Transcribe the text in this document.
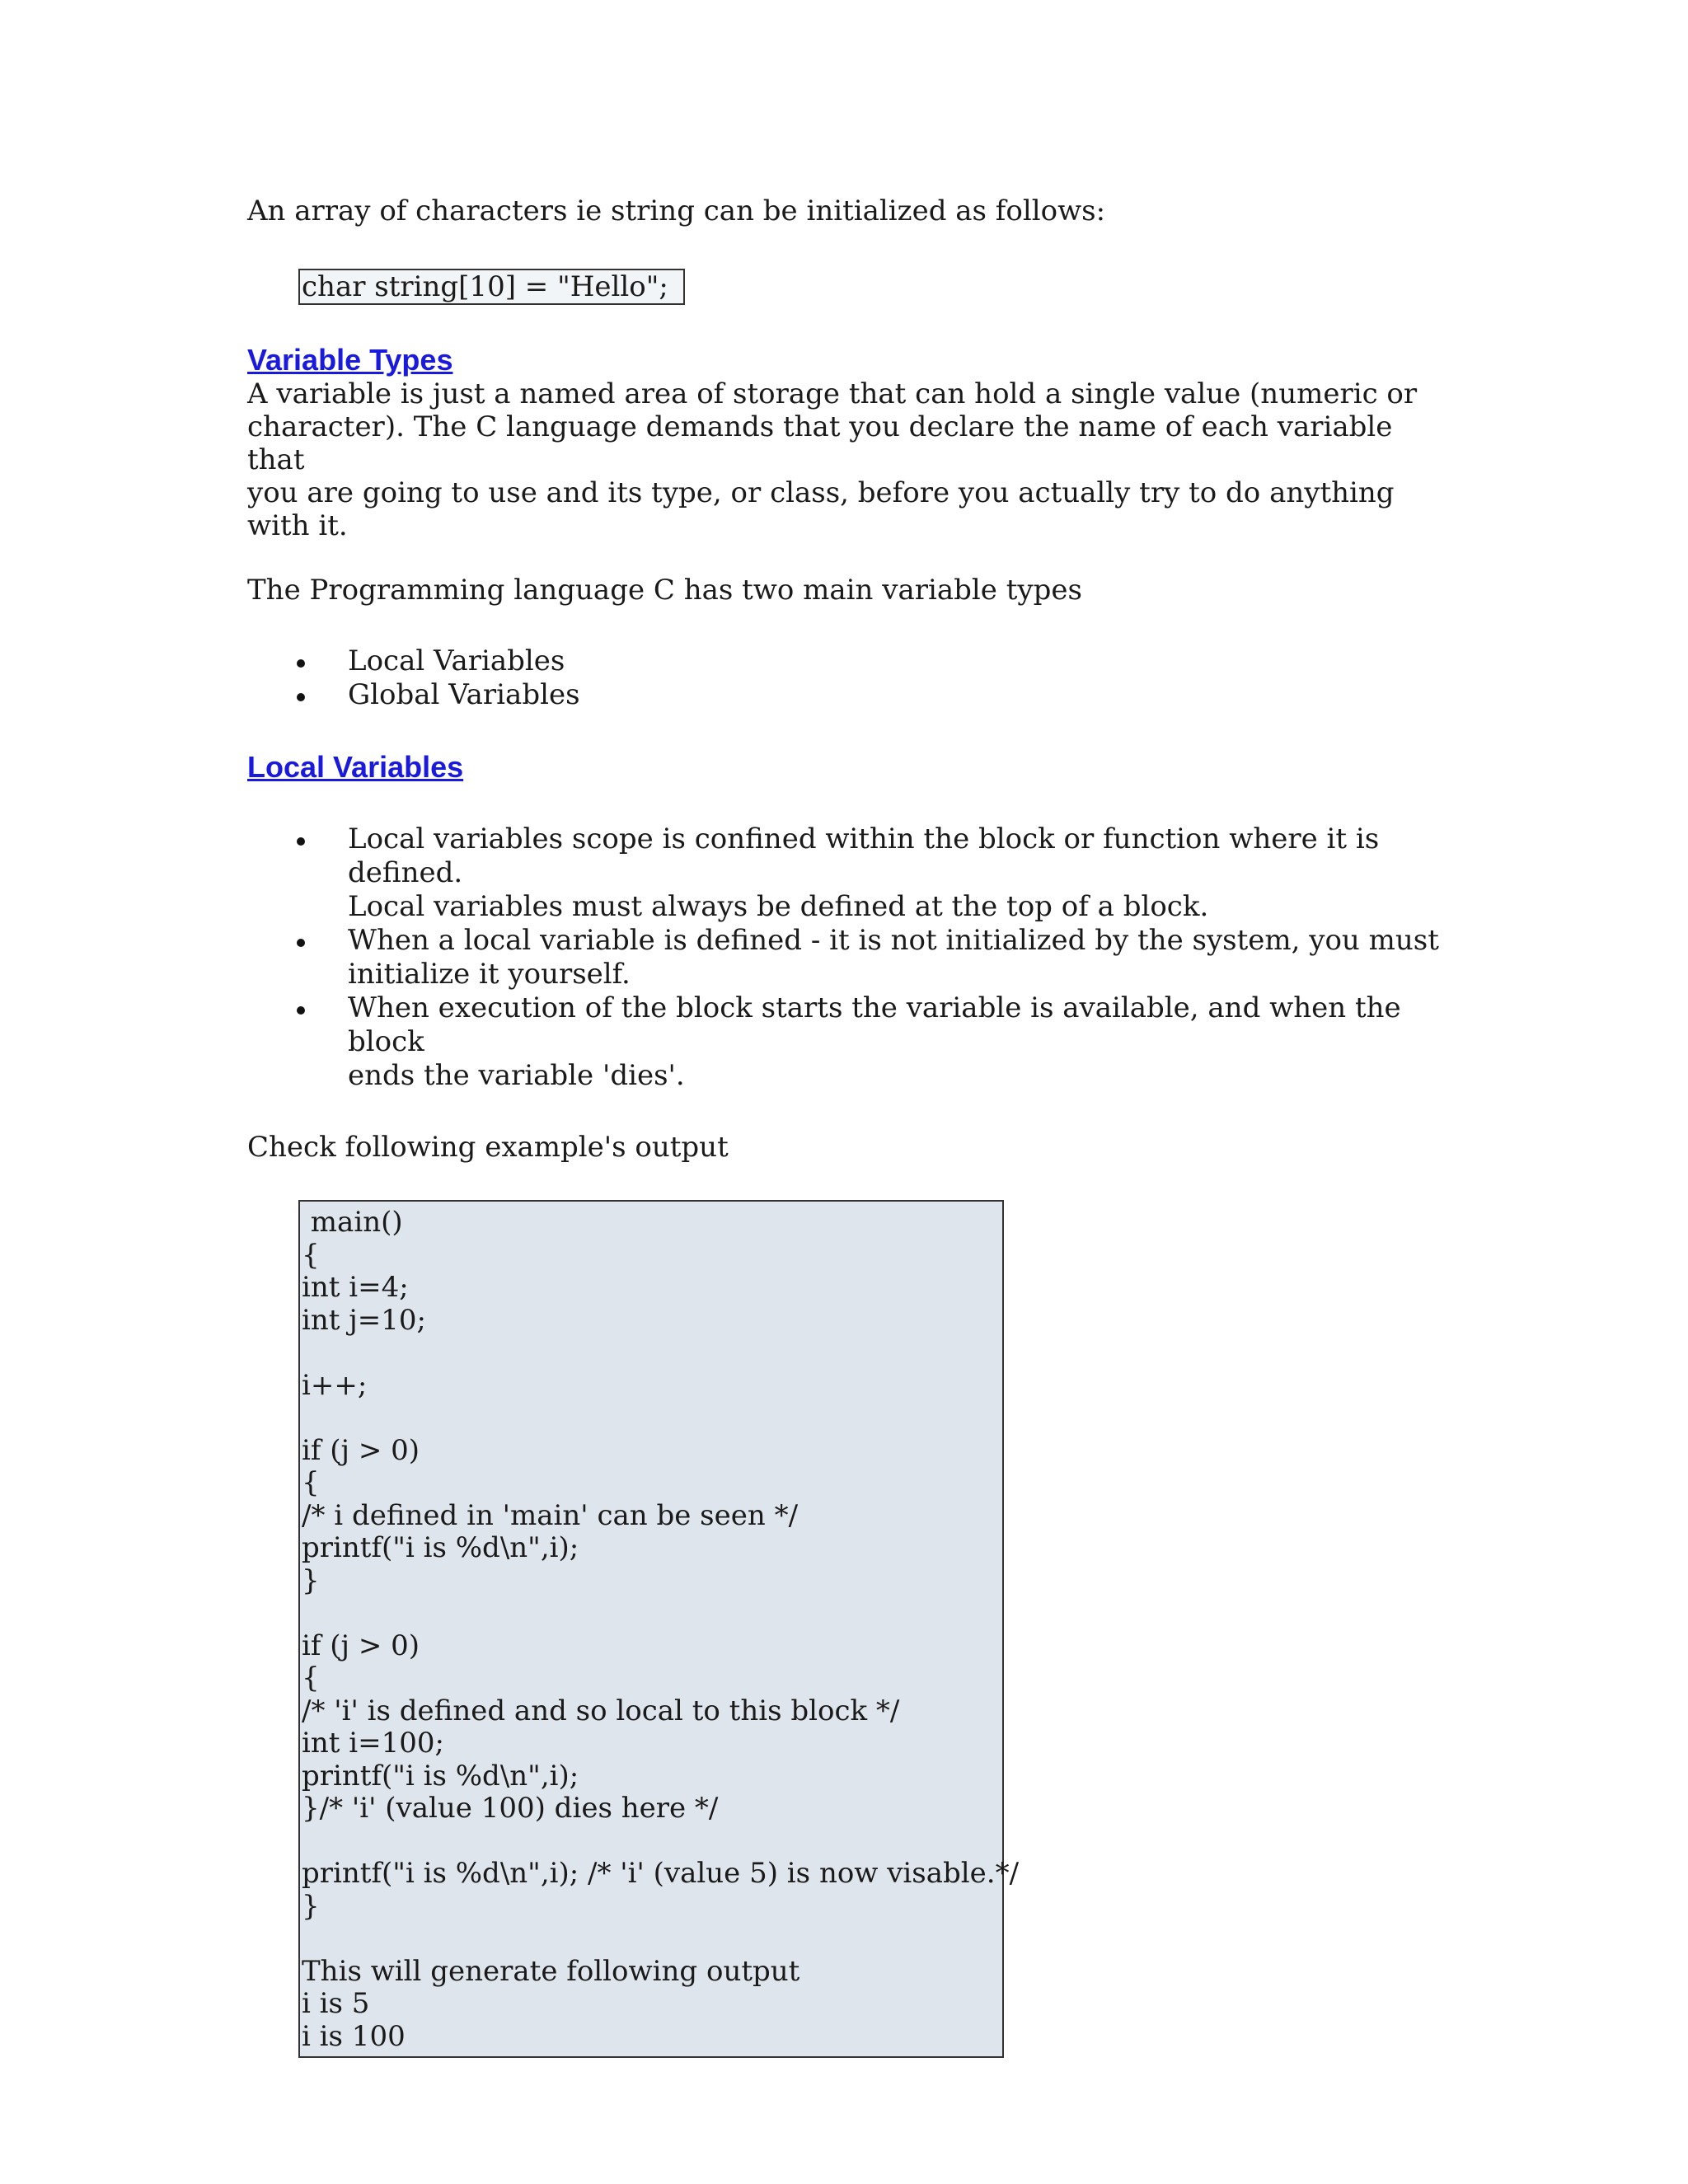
An array of characters ie string can be initialized as follows:

char string[10] = "Hello";
Variable Types

A variable is just a named area of storage that can hold a single value (numeric or
character). The C language demands that you declare the name of each variable that
you are going to use and its type, or class, before you actually try to do anything with it.

The Programming language C has two main variable types

Local Variables
Global Variables
Local Variables
Local variables scope is confined within the block or function where it is defined.
Local variables must always be defined at the top of a block.
When a local variable is defined - it is not initialized by the system, you must
initialize it yourself.
When execution of the block starts the variable is available, and when the block
ends the variable 'dies'.

Check following example's output

main()
{
int i=4;
int j=10;
i++;
if (j > 0)
{
/* i defined in 'main' can be seen */
printf("i is %d\n",i);
}
if (j > 0)
{
/* 'i' is defined and so local to this block */
int i=100;
printf("i is %d\n",i);
}/* 'i' (value 100) dies here */
printf("i is %d\n",i); /* 'i' (value 5) is now visable.*/
}
This will generate following output
i is 5
i is 100
